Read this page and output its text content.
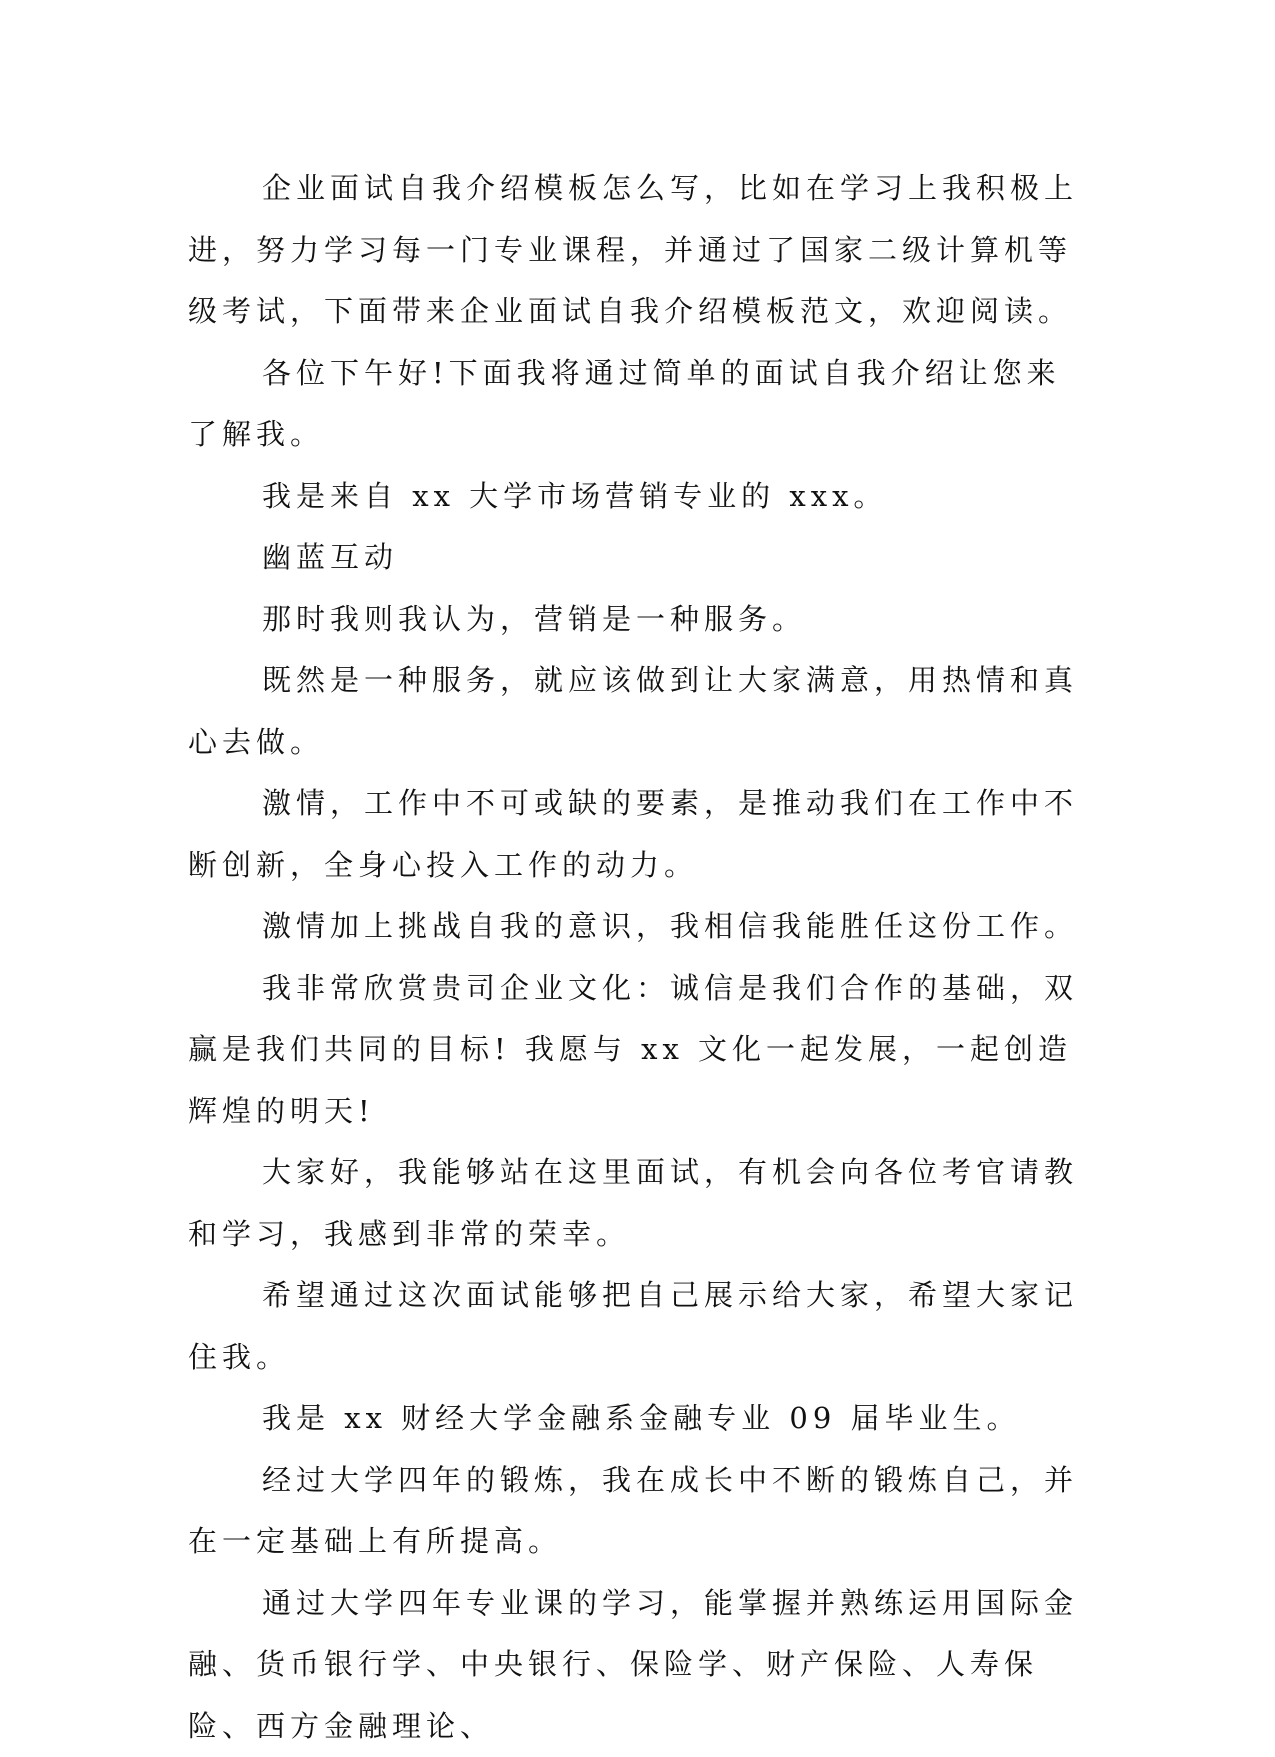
企业面试自我介绍模板怎么写，比如在学习上我积极上进，努力学习每一门专业课程，并通过了国家二级计算机等级考试，下面带来企业面试自我介绍模板范文，欢迎阅读。

各位下午好!下面我将通过简单的面试自我介绍让您来了解我。

我是来自 xx 大学市场营销专业的 xxx。

幽蓝互动

那时我则我认为，营销是一种服务。

既然是一种服务，就应该做到让大家满意，用热情和真心去做。

激情，工作中不可或缺的要素，是推动我们在工作中不断创新，全身心投入工作的动力。

激情加上挑战自我的意识，我相信我能胜任这份工作。

我非常欣赏贵司企业文化：诚信是我们合作的基础，双赢是我们共同的目标! 我愿与 xx 文化一起发展，一起创造辉煌的明天!

大家好，我能够站在这里面试，有机会向各位考官请教和学习，我感到非常的荣幸。

希望通过这次面试能够把自己展示给大家，希望大家记住我。

我是 xx 财经大学金融系金融专业 09 届毕业生。

经过大学四年的锻炼，我在成长中不断的锻炼自己，并在一定基础上有所提高。

通过大学四年专业课的学习，能掌握并熟练运用国际金融、货币银行学、中央银行、保险学、财产保险、人寿保险、西方金融理论、
